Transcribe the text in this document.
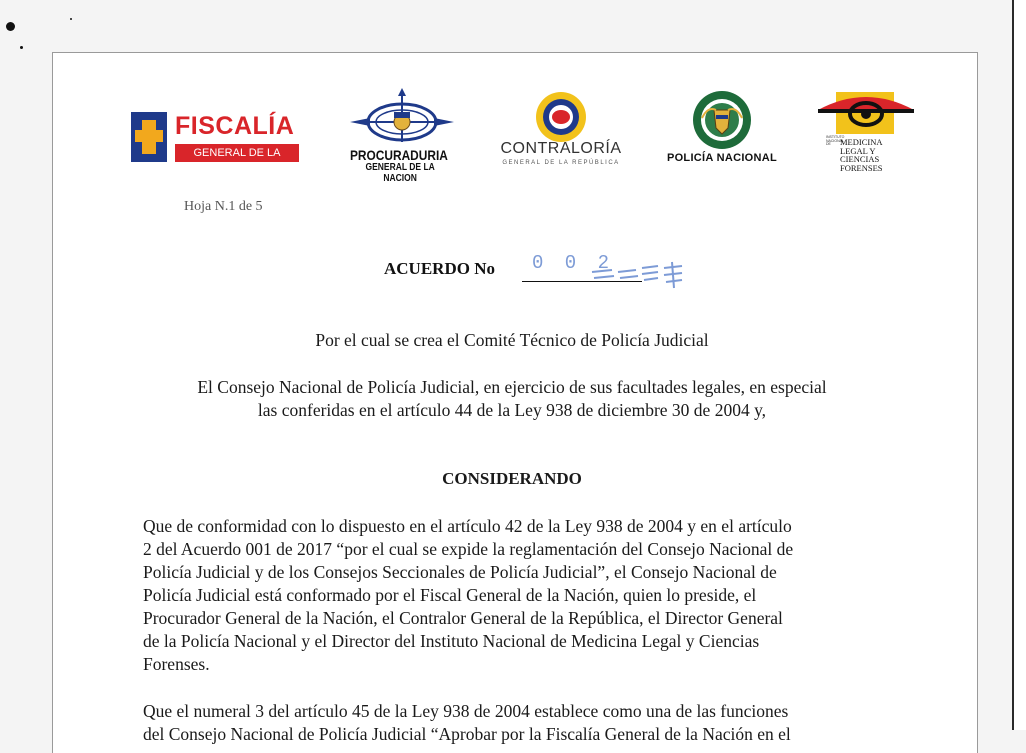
FISCALÍA
GENERAL DE LA NACIÓN
PROCURADURIA
GENERAL DE LA NACION
CONTRALORÍA
GENERAL DE LA REPÚBLICA	POLICÍA NACIONAL
INSTITUTO NACIONAL DE	MEDICINA
LEGAL Y
CIENCIAS
FORENSES
Hoja N.1 de 5
ACUERDO No 0 0 2
Por el cual se crea el Comité Técnico de Policía Judicial
El Consejo Nacional de Policía Judicial, en ejercicio de sus facultades legales, en especial
las conferidas en el artículo 44 de la Ley 938 de diciembre 30 de 2004 y,
CONSIDERANDO
Que de conformidad con lo dispuesto en el artículo 42 de la Ley 938 de 2004 y en el artículo
2 del Acuerdo 001 de 2017 “por el cual se expide la reglamentación del Consejo Nacional de
Policía Judicial y de los Consejos Seccionales de Policía Judicial”, el Consejo Nacional de
Policía Judicial está conformado por el Fiscal General de la Nación, quien lo preside, el
Procurador General de la Nación, el Contralor General de la República, el Director General
de la Policía Nacional y el Director del Instituto Nacional de Medicina Legal y Ciencias
Forenses.
Que el numeral 3 del artículo 45 de la Ley 938 de 2004 establece como una de las funciones
del Consejo Nacional de Policía Judicial “Aprobar por la Fiscalía General de la Nación en el
